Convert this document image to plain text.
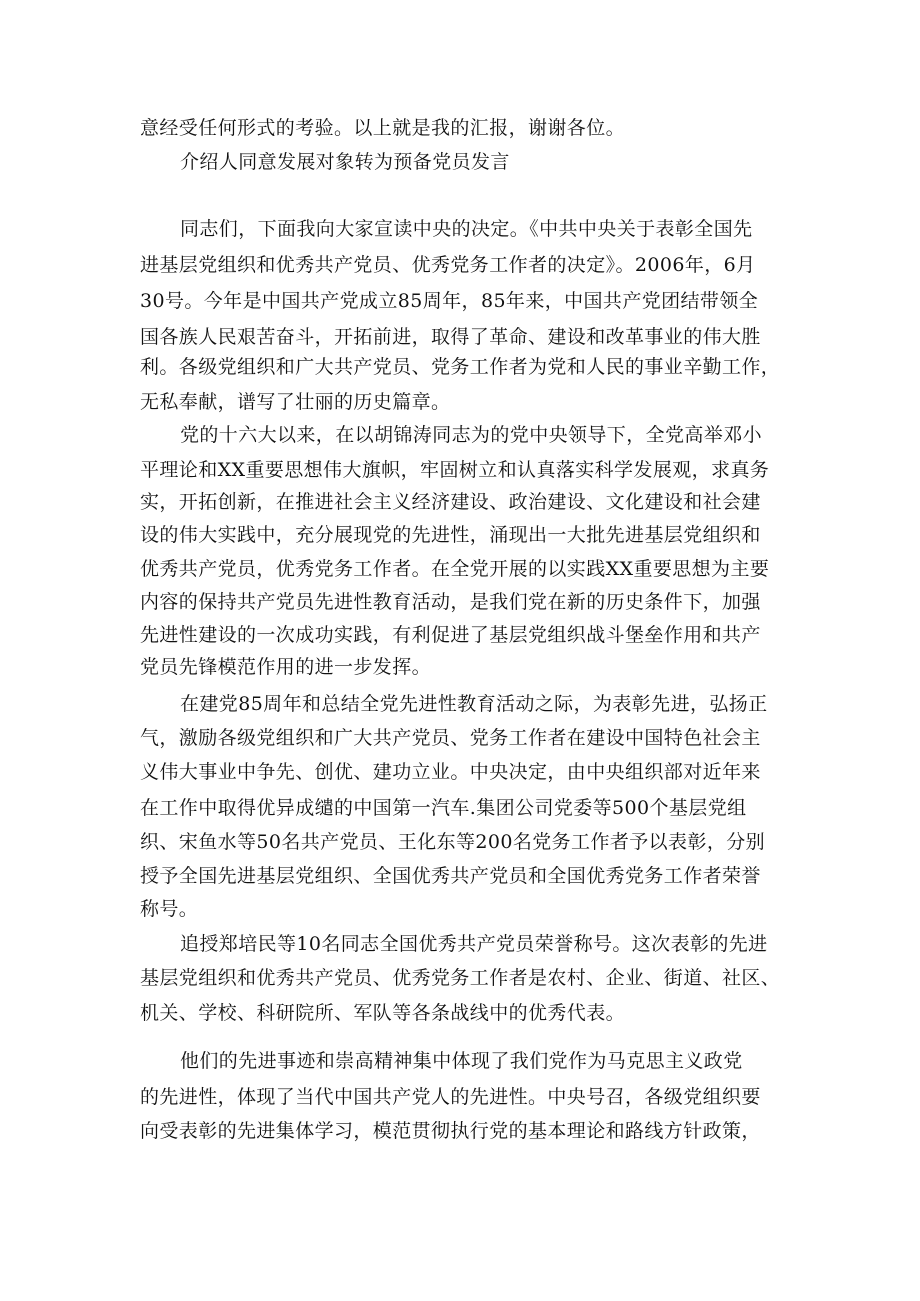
意经受任何形式的考验。以上就是我的汇报，谢谢各位。
介绍人同意发展对象转为预备党员发言
同志们，下面我向大家宣读中央的决定。《中共中央关于表彰全国先
进基层党组织和优秀共产党员、优秀党务工作者的决定》。2006年，6月
30号。今年是中国共产党成立85周年，85年来，中国共产党团结带领全
国各族人民艰苦奋斗，开拓前进，取得了革命、建设和改革事业的伟大胜
利。各级党组织和广大共产党员、党务工作者为党和人民的事业辛勤工作，
无私奉献，谱写了壮丽的历史篇章。
党的十六大以来，在以胡锦涛同志为的党中央领导下，全党高举邓小
平理论和XX重要思想伟大旗帜，牢固树立和认真落实科学发展观，求真务
实，开拓创新，在推进社会主义经济建设、政治建设、文化建设和社会建
设的伟大实践中，充分展现党的先进性，涌现出一大批先进基层党组织和
优秀共产党员，优秀党务工作者。在全党开展的以实践XX重要思想为主要
内容的保持共产党员先进性教育活动，是我们党在新的历史条件下，加强
先进性建设的一次成功实践，有利促进了基层党组织战斗堡垒作用和共产
党员先锋模范作用的进一步发挥。
在建党85周年和总结全党先进性教育活动之际，为表彰先进，弘扬正
气，激励各级党组织和广大共产党员、党务工作者在建设中国特色社会主
义伟大事业中争先、创优、建功立业。中央决定，由中央组织部对近年来
在工作中取得优异成缱的中国第一汽车.集团公司党委等500个基层党组
织、宋鱼水等50名共产党员、王化东等200名党务工作者予以表彰，分别
授予全国先进基层党组织、全国优秀共产党员和全国优秀党务工作者荣誉
称号。
追授郑培民等10名同志全国优秀共产党员荣誉称号。这次表彰的先进
基层党组织和优秀共产党员、优秀党务工作者是农村、企业、街道、社区、
机关、学校、科研院所、军队等各条战线中的优秀代表。
他们的先进事迹和崇高精神集中体现了我们党作为马克思主义政党
的先进性，体现了当代中国共产党人的先进性。中央号召，各级党组织要
向受表彰的先进集体学习，模范贯彻执行党的基本理论和路线方针政策，
